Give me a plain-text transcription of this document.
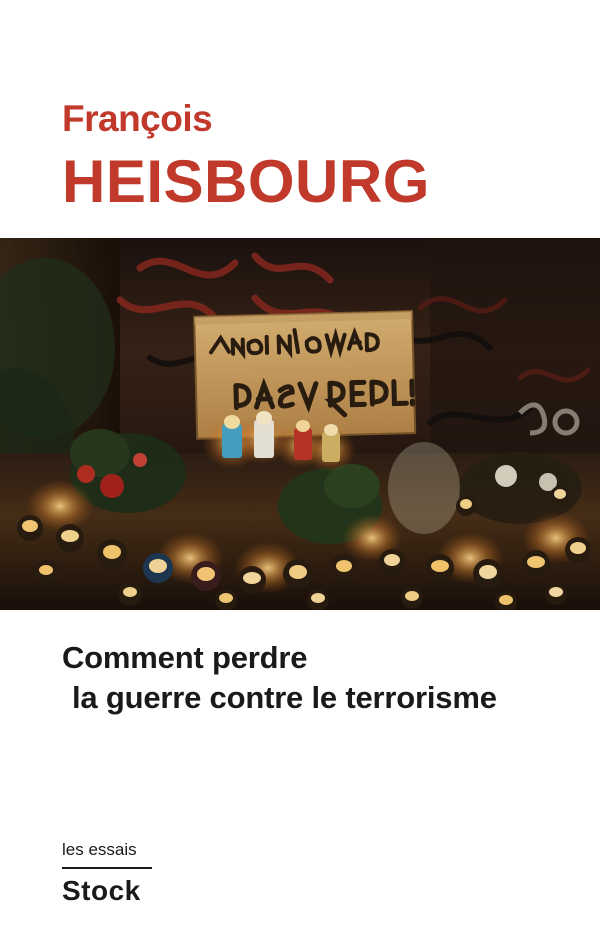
François
HEISBOURG
Comment perdre
la guerre contre le terrorisme
les essais
Stock
